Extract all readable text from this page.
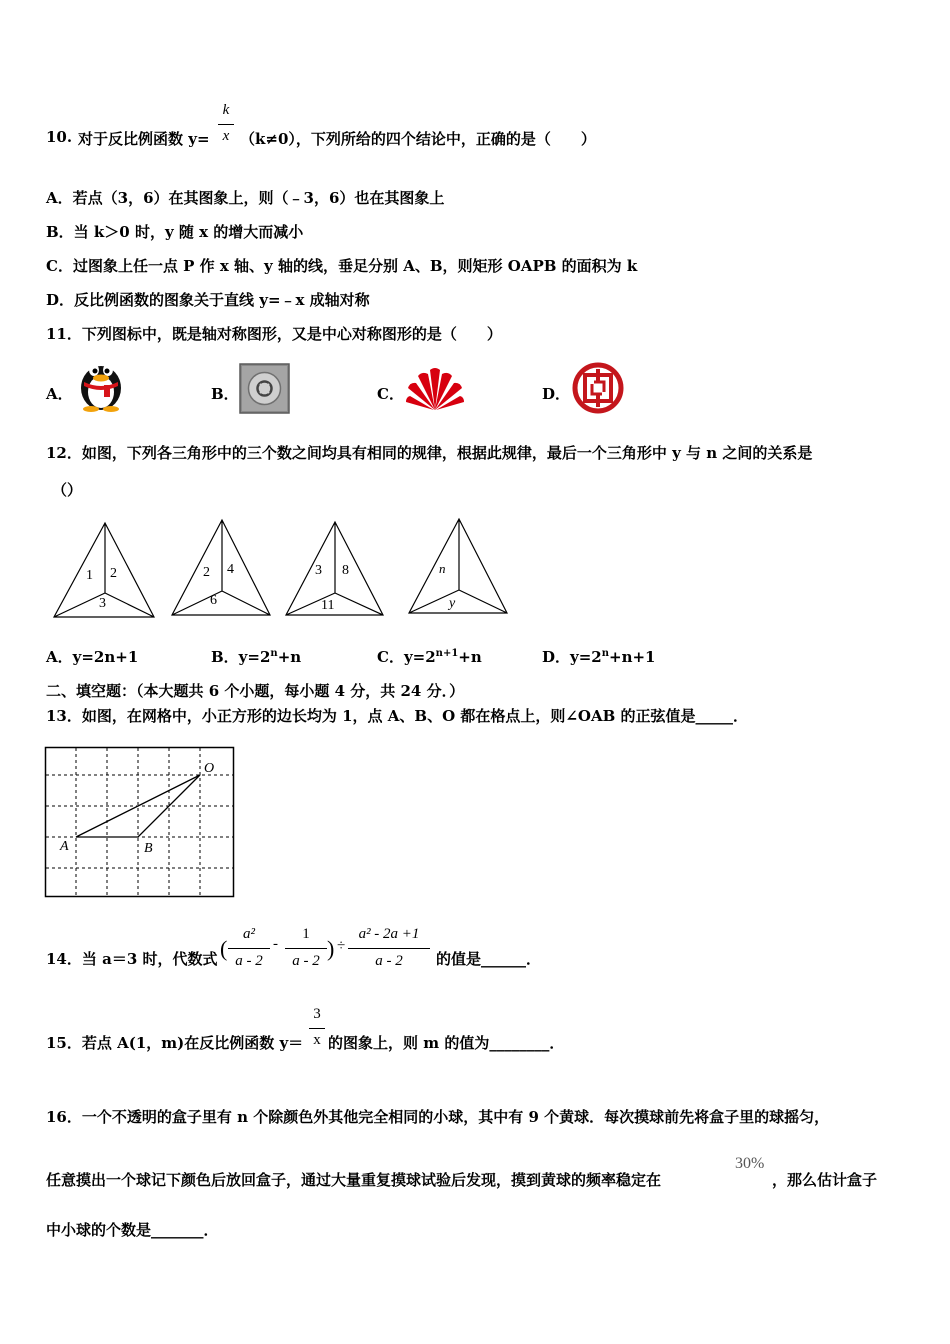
10. 对于反比例函数 y=
k
x （k≠0），下列所给的四个结论中，正确的是（　　）
A．若点（3，6）在其图象上，则（﹣3，6）也在其图象上
B．当 k＞0 时，y 随 x 的增大而减小
C．过图象上任一点 P 作 x 轴、y 轴的线，垂足分别 A、B，则矩形 OAPB 的面积为 k
D．反比例函数的图象关于直线 y=﹣x 成轴对称
11．下列图标中，既是轴对称图形，又是中心对称图形的是（　　）
A．	B．	C．	D．
12．如图，下列各三角形中的三个数之间均具有相同的规律，根据此规律，最后一个三角形中 y 与 n 之间的关系是
（）
1 2
3
2 4
6
3 8
11
n
y
A．y=2n+1	B．$y=2^n+n$	C．$y=2^{n+1}+n$	D．$y=2^n+n+1$
二、填空题：（本大题共 6 个小题，每小题 4 分，共 24 分．）
13．如图，在网格中，小正方形的边长均为 1，点 A、B、O 都在格点上，则∠OAB 的正弦值是_____．
O
A	B
14．当 a＝3 时，代数式 (
a²
a - 2
-
1
a - 2 ) ÷
a² - 2a +1
a - 2	的值是______．
15．若点 A(1，m)在反比例函数 y＝
3
x 的图象上，则 m 的值为________．
16．一个不透明的盒子里有 n 个除颜色外其他完全相同的小球，其中有 9 个黄球．每次摸球前先将盒子里的球摇匀，
任意摸出一个球记下颜色后放回盒子，通过大量重复摸球试验后发现，摸到黄球的频率稳定在
30%
，那么估计盒子
中小球的个数是_______．
